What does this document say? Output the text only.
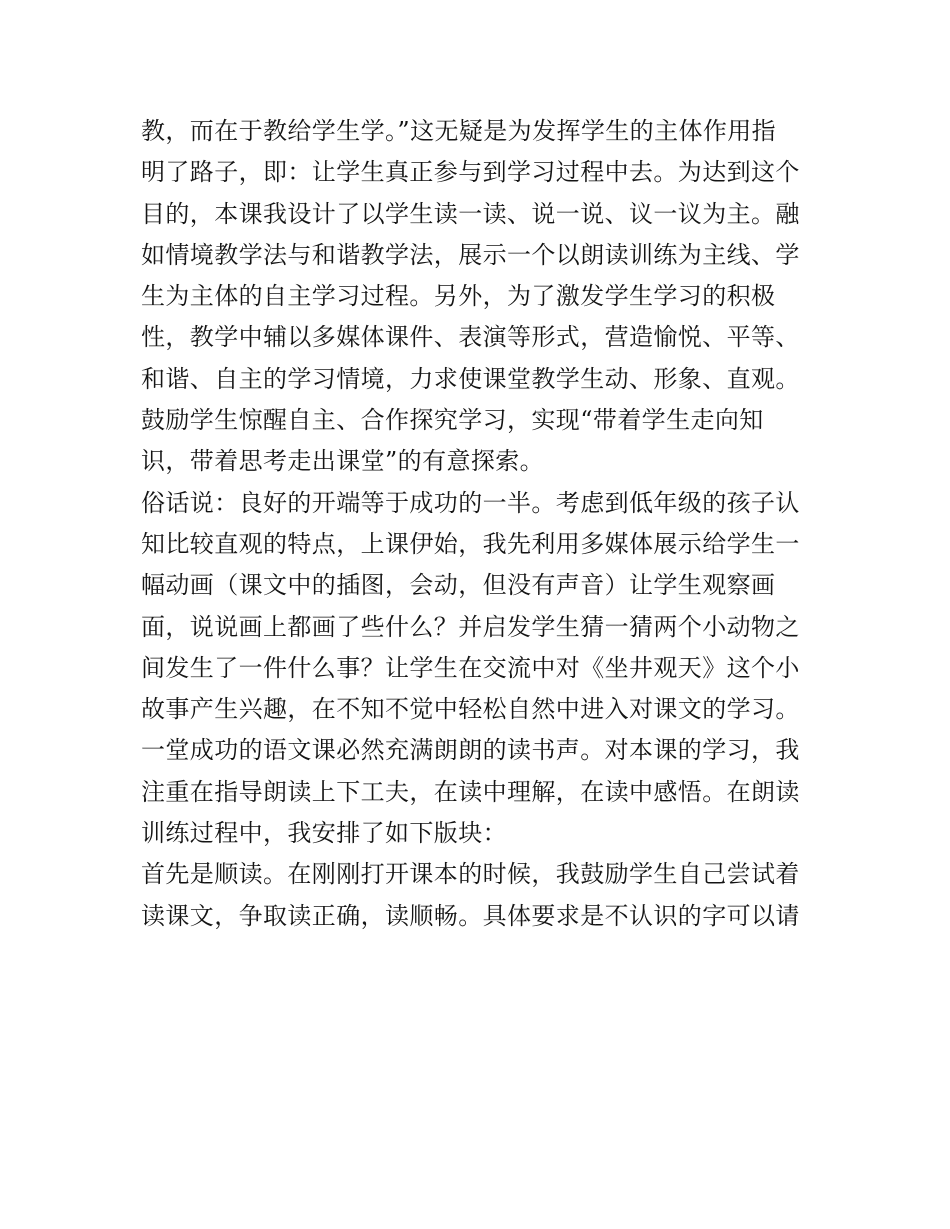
教，而在于教给学生学。”这无疑是为发挥学生的主体作用指
明了路子，即：让学生真正参与到学习过程中去。为达到这个
目的，本课我设计了以学生读一读、说一说、议一议为主。融
如情境教学法与和谐教学法，展示一个以朗读训练为主线、学
生为主体的自主学习过程。另外，为了激发学生学习的积极
性，教学中辅以多媒体课件、表演等形式，营造愉悦、平等、
和谐、自主的学习情境，力求使课堂教学生动、形象、直观。
鼓励学生惊醒自主、合作探究学习，实现“带着学生走向知
识，带着思考走出课堂”的有意探索。
俗话说：良好的开端等于成功的一半。考虑到低年级的孩子认
知比较直观的特点，上课伊始，我先利用多媒体展示给学生一
幅动画（课文中的插图，会动，但没有声音）让学生观察画
面，说说画上都画了些什么？并启发学生猜一猜两个小动物之
间发生了一件什么事？让学生在交流中对《坐井观天》这个小
故事产生兴趣，在不知不觉中轻松自然中进入对课文的学习。
一堂成功的语文课必然充满朗朗的读书声。对本课的学习，我
注重在指导朗读上下工夫，在读中理解，在读中感悟。在朗读
训练过程中，我安排了如下版块：
首先是顺读。在刚刚打开课本的时候，我鼓励学生自己尝试着
读课文，争取读正确，读顺畅。具体要求是不认识的字可以请
